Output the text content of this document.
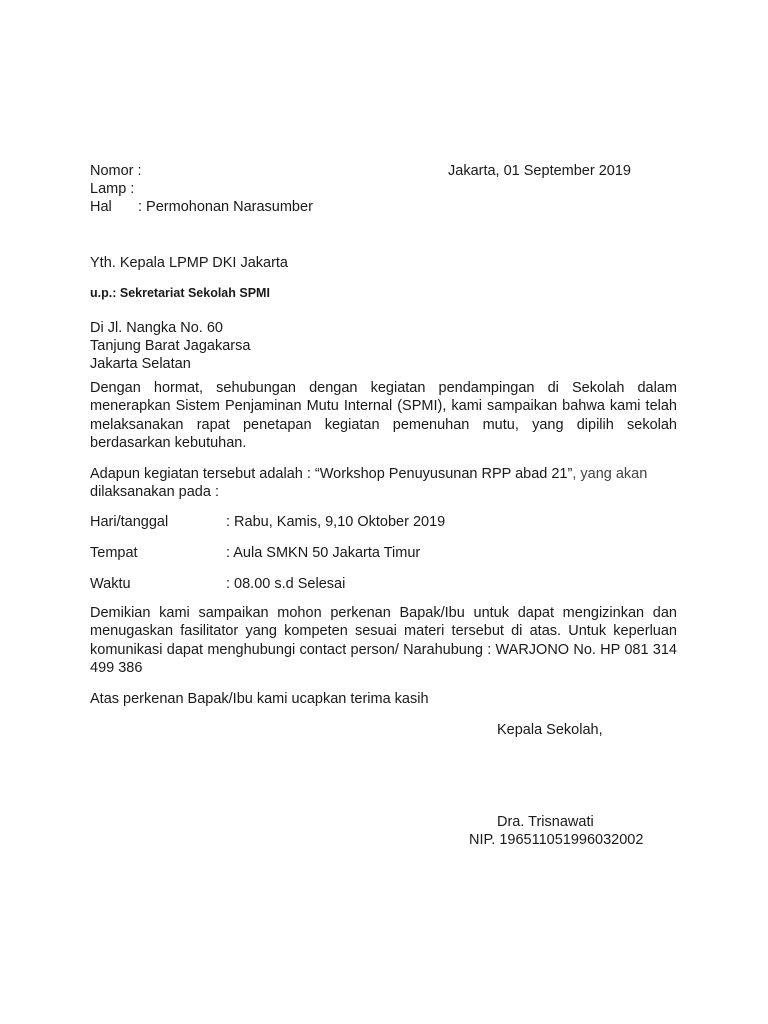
Nomor :	Jakarta, 01 September 2019
Lamp :
Hal : Permohonan Narasumber
Yth. Kepala LPMP DKI Jakarta
u.p.: Sekretariat Sekolah SPMI
Di Jl. Nangka No. 60
Tanjung Barat Jagakarsa
Jakarta Selatan
Dengan hormat, sehubungan dengan kegiatan pendampingan di Sekolah dalam menerapkan Sistem Penjaminan Mutu Internal (SPMI), kami sampaikan bahwa kami telah melaksanakan rapat penetapan kegiatan pemenuhan mutu, yang dipilih sekolah berdasarkan kebutuhan.
Adapun kegiatan tersebut adalah : “Workshop Penuyusunan RPP abad 21”, yang akan
dilaksanakan pada :
Hari/tanggal	: Rabu, Kamis, 9,10 Oktober 2019
Tempat	: Aula SMKN 50 Jakarta Timur
Waktu	: 08.00 s.d Selesai
Demikian kami sampaikan mohon perkenan Bapak/Ibu untuk dapat mengizinkan dan menugaskan fasilitator yang kompeten sesuai materi tersebut di atas. Untuk keperluan komunikasi dapat menghubungi contact person/ Narahubung : WARJONO No. HP 081 314 499 386
Atas perkenan Bapak/Ibu kami ucapkan terima kasih
Kepala Sekolah,
Dra. Trisnawati
NIP. 196511051996032002
